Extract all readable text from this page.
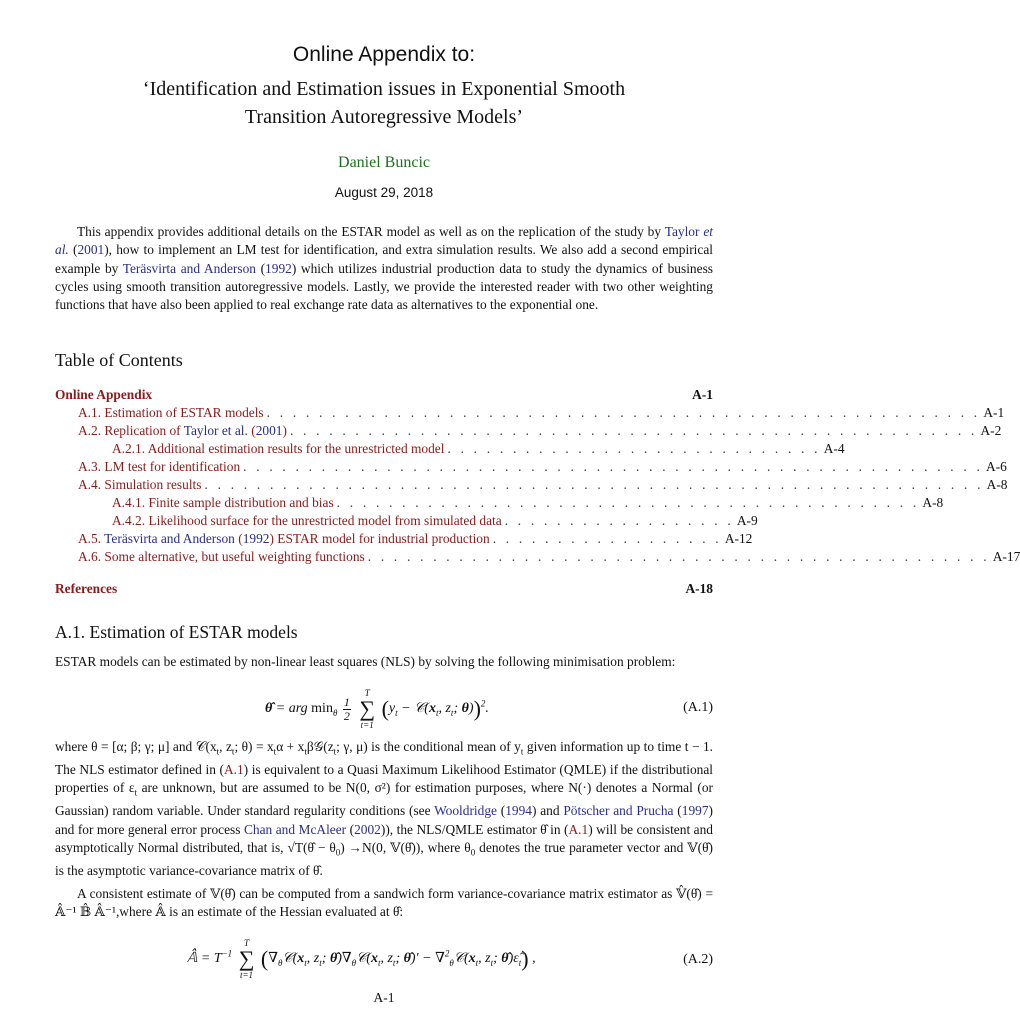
Online Appendix to:
‘Identification and Estimation issues in Exponential Smooth
Transition Autoregressive Models’
Daniel Buncic
August 29, 2018

This appendix provides additional details on the ESTAR model as well as on the replication of the study by Taylor et al. (2001), how to implement an LM test for identification, and extra simulation results. We also add a second empirical example by Teräsvirta and Anderson (1992) which utilizes industrial production data to study the dynamics of business cycles using smooth transition autoregressive models. Lastly, we provide the interested reader with two other weighting functions that have also been applied to real exchange rate data as alternatives to the exponential one.

Table of Contents
Online Appendix	A-1
A.1. Estimation of ESTAR models . . . . . . . . . . . . . . . . . . . . . . . . . . . . . . . . . . . . . . . . . . . . . . . . . . . . . . . A-1
A.2. Replication of Taylor et al. (2001) . . . . . . . . . . . . . . . . . . . . . . . . . . . . . . . . . . . . . . . . . . . . . . . . . . . . . A-2
A.2.1. Additional estimation results for the unrestricted model . . . . . . . . . . . . . . . . . . . . . . . . . . . . . A-4
A.3. LM test for identification . . . . . . . . . . . . . . . . . . . . . . . . . . . . . . . . . . . . . . . . . . . . . . . . . . . . . . . . . A-6
A.4. Simulation results . . . . . . . . . . . . . . . . . . . . . . . . . . . . . . . . . . . . . . . . . . . . . . . . . . . . . . . . . . . . A-8
A.4.1. Finite sample distribution and bias . . . . . . . . . . . . . . . . . . . . . . . . . . . . . . . . . . . . . . . . . . . . . A-8
A.4.2. Likelihood surface for the unrestricted model from simulated data . . . . . . . . . . . . . . . . . . A-9
A.5. Teräsvirta and Anderson (1992) ESTAR model for industrial production . . . . . . . . . . . . . . . . . . A-12
A.6. Some alternative, but useful weighting functions . . . . . . . . . . . . . . . . . . . . . . . . . . . . . . . . . . . . . . . . . . . . . . . . A-17
References	A-18
A.1. Estimation of ESTAR models

ESTAR models can be estimated by non-linear least squares (NLS) by solving the following minimisation problem:

θ̂ = arg $\min_\theta \frac{1}{2}$

T
∑
t=1
($y_t$ − $𝒞(x_t$, $z_t$; θ))$^2$.	(A.1)

where θ = [α; β; γ; μ] and $𝒞(x_t$, $z_t$; $\theta) = x_t\alpha$ + $x_t\beta 𝒢(z_t$; γ, μ) is the conditional mean of $y_t$ given information up to time t − 1. The NLS estimator defined in (A.1) is equivalent to a Quasi Maximum Likelihood Estimator (QMLE) if the distributional properties of $\varepsilon_t$ are unknown, but are assumed to be N(0, σ²) for estimation purposes, where N(·) denotes a Normal (or Gaussian) random variable. Under standard regularity conditions (see Wooldridge (1994) and Pötscher and Prucha (1997) and for more general error process Chan and McAleer (2002)), the NLS/QMLE estimator θ̂ in (A.1) will be consistent and asymptotically Normal distributed, that is, √T(θ̂ − $\theta_0) \to N(0$, 𝕍(θ̂)), where $\theta_0$ denotes the true parameter vector and 𝕍(θ̂) is the asymptotic variance-covariance matrix of θ̂.

A consistent estimate of 𝕍(θ̂) can be computed from a sandwich form variance-covariance matrix estimator as 𝕍̂(θ̂) = 𝔸̂⁻¹ 𝔹̂ 𝔸̂⁻¹,where 𝔸̂ is an estimate of the Hessian evaluated at θ̂:

𝔸̂ = $T^{-1}$
T
∑
t=1
($\nabla_\theta 𝒞(x_t$, $z_t$; $\thetâ)\nabla_\theta 𝒞(x_t$, $z_t$; θ̂)′ − $\nabla^2_\theta 𝒞(x_t$, $z_t$; $\thetâ)\varepsilon̂_t$) ,	(A.2)
A-1
